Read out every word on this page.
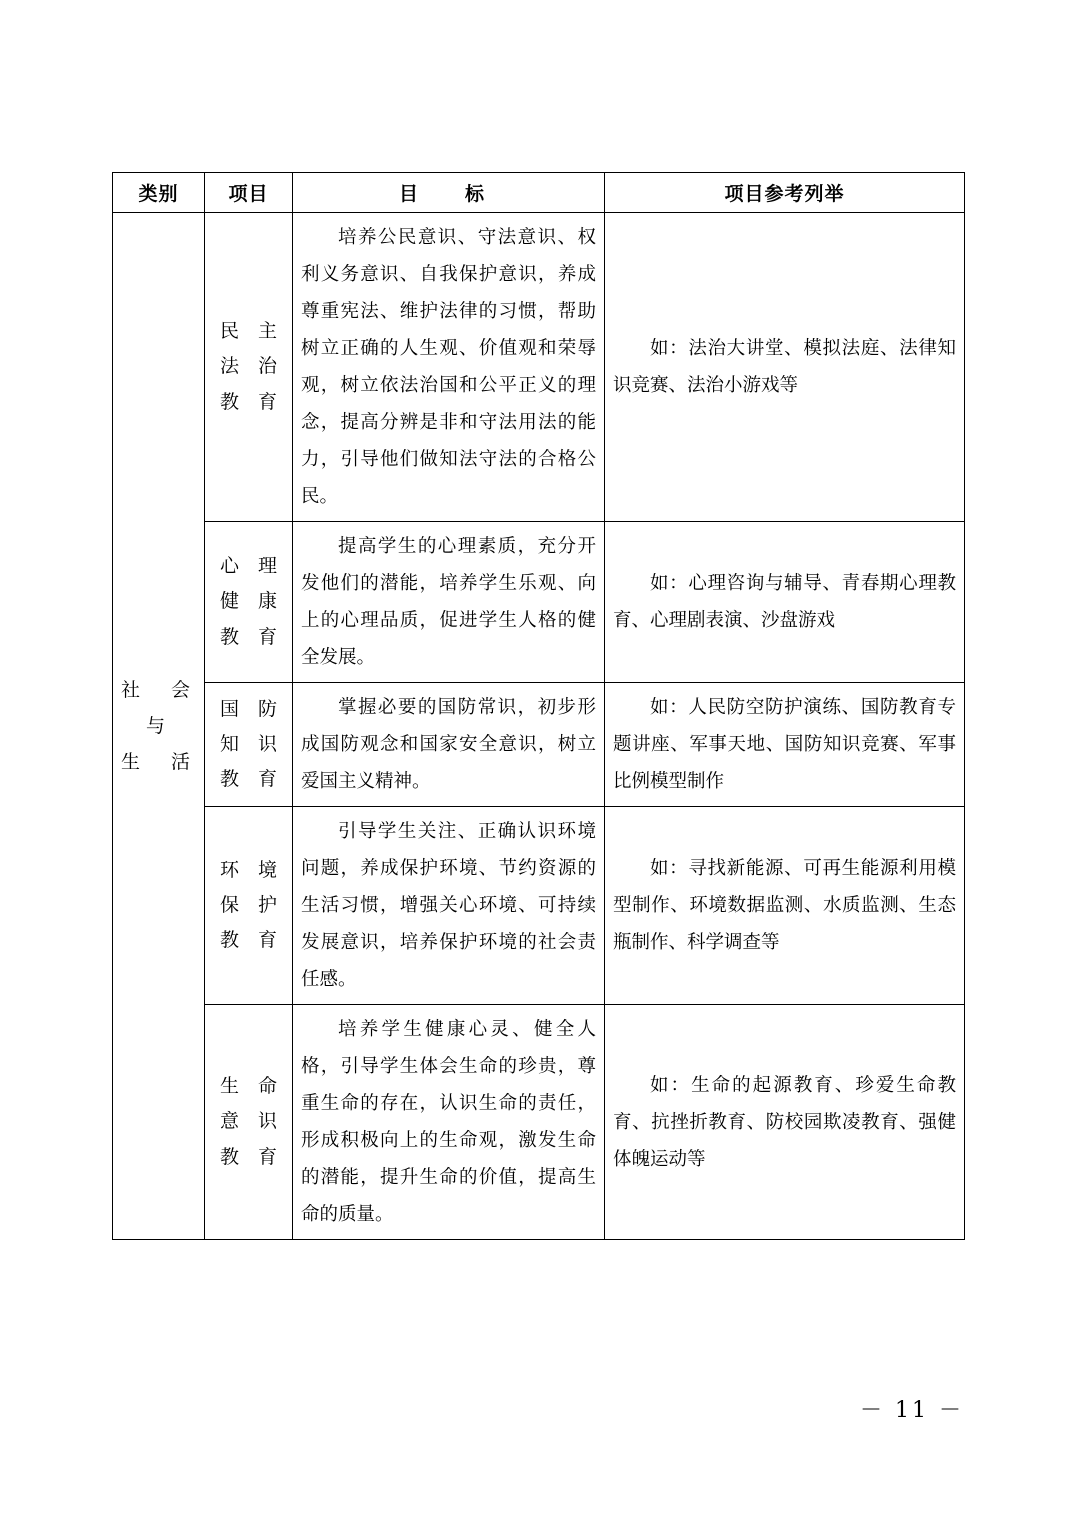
类别	项目	目　标	项目参考列举

社　会
与
生　活	民　主
法　治
教　育	培养公民意识、守法意识、权利义务意识、自我保护意识，养成尊重宪法、维护法律的习惯，帮助树立正确的人生观、价值观和荣辱观，树立依法治国和公平正义的理念，提高分辨是非和守法用法的能力，引导他们做知法守法的合格公民。	如：法治大讲堂、模拟法庭、法律知识竞赛、法治小游戏等

	心　理
健　康
教　育	提高学生的心理素质，充分开发他们的潜能，培养学生乐观、向上的心理品质，促进学生人格的健全发展。	如：心理咨询与辅导、青春期心理教育、心理剧表演、沙盘游戏

	国　防
知　识
教　育	掌握必要的国防常识，初步形成国防观念和国家安全意识，树立爱国主义精神。	如：人民防空防护演练、国防教育专题讲座、军事天地、国防知识竞赛、军事比例模型制作

	环　境
保　护
教　育	引导学生关注、正确认识环境问题，养成保护环境、节约资源的生活习惯，增强关心环境、可持续发展意识，培养保护环境的社会责任感。	如：寻找新能源、可再生能源利用模型制作、环境数据监测、水质监测、生态瓶制作、科学调查等

	生　命
意　识
教　育	培养学生健康心灵、健全人格，引导学生体会生命的珍贵，尊重生命的存在，认识生命的责任，形成积极向上的生命观，激发生命的潜能，提升生命的价值，提高生命的质量。	如：生命的起源教育、珍爱生命教育、抗挫折教育、防校园欺凌教育、强健体魄运动等
－ 11 －
